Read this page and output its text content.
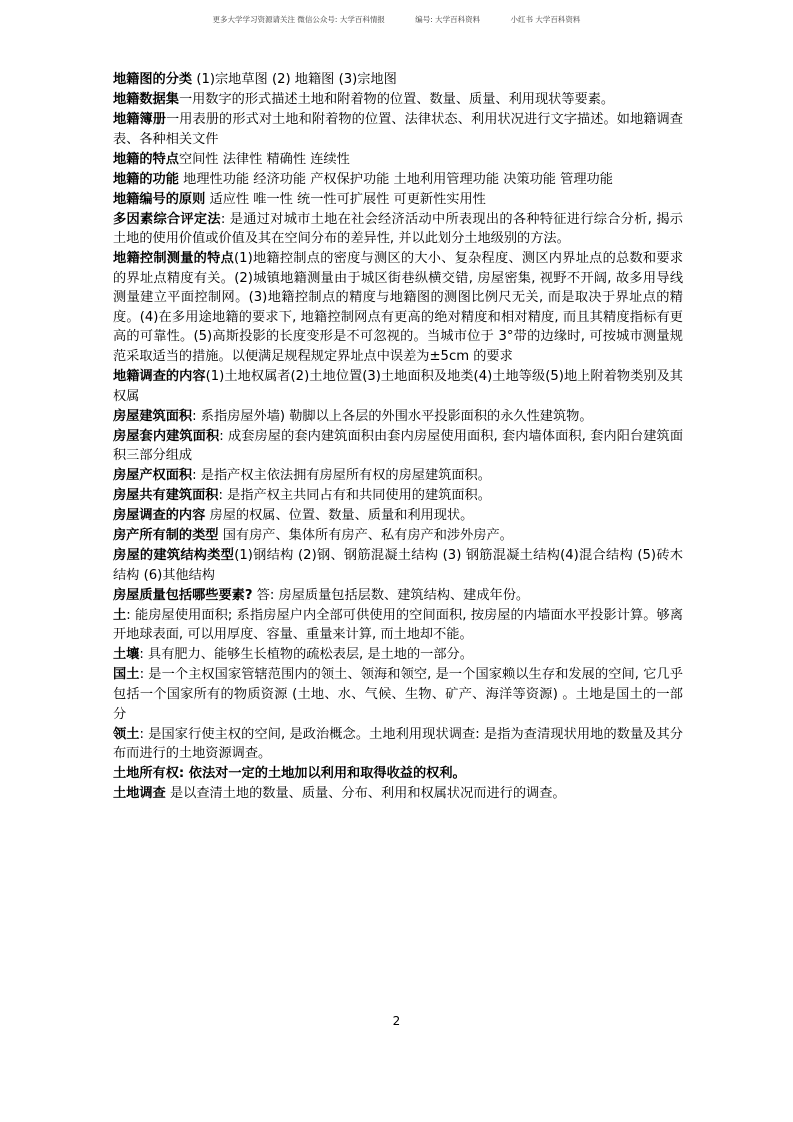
更多大学学习资源请关注 微信公众号: 大学百科情报	编号: 大学百科资料	小红书 大学百科资料
地籍图的分类 (1)宗地草图 (2) 地籍图 (3)宗地图
地籍数据集一用数字的形式描述土地和附着物的位置、数量、质量、利用现状等要素。
地籍簿册一用表册的形式对土地和附着物的位置、法律状态、利用状况进行文字描述。如地籍调查表、各种相关文件
地籍的特点空间性 法律性 精确性 连续性
地籍的功能 地理性功能 经济功能 产权保护功能 土地利用管理功能 决策功能 管理功能
地籍编号的原则 适应性 唯一性 统一性可扩展性 可更新性实用性
多因素综合评定法: 是通过对城市土地在社会经济活动中所表现出的各种特征进行综合分析, 揭示土地的使用价值或价值及其在空间分布的差异性, 并以此划分土地级别的方法。
地籍控制测量的特点(1)地籍控制点的密度与测区的大小、复杂程度、测区内界址点的总数和要求的界址点精度有关。(2)城镇地籍测量由于城区街巷纵横交错, 房屋密集, 视野不开阔, 故多用导线测量建立平面控制网。(3)地籍控制点的精度与地籍图的测图比例尺无关, 而是取决于界址点的精度。(4)在多用途地籍的要求下, 地籍控制网点有更高的绝对精度和相对精度, 而且其精度指标有更高的可靠性。(5)高斯投影的长度变形是不可忽视的。当城市位于 3°带的边缘时, 可按城市测量规范采取适当的措施。以便满足规程规定界址点中误差为±5cm 的要求
地籍调查的内容(1)土地权属者(2)土地位置(3)土地面积及地类(4)土地等级(5)地上附着物类别及其权属
房屋建筑面积: 系指房屋外墙) 勒脚以上各层的外围水平投影面积的永久性建筑物。
房屋套内建筑面积: 成套房屋的套内建筑面积由套内房屋使用面积, 套内墙体面积, 套内阳台建筑面积三部分组成
房屋产权面积: 是指产权主依法拥有房屋所有权的房屋建筑面积。
房屋共有建筑面积: 是指产权主共同占有和共同使用的建筑面积。
房屋调查的内容 房屋的权属、位置、数量、质量和利用现状。
房产所有制的类型 国有房产、集体所有房产、私有房产和涉外房产。
房屋的建筑结构类型(1)钢结构 (2)钢、钢筋混凝土结构 (3) 钢筋混凝土结构(4)混合结构 (5)砖木结构 (6)其他结构
房屋质量包括哪些要素? 答: 房屋质量包括层数、建筑结构、建成年份。
土: 能房屋使用面积; 系指房屋户内全部可供使用的空间面积, 按房屋的内墙面水平投影计算。够离开地球表面, 可以用厚度、容量、重量来计算, 而土地却不能。
土壤: 具有肥力、能够生长植物的疏松表层, 是土地的一部分。
国土: 是一个主权国家管辖范围内的领土、领海和领空, 是一个国家赖以生存和发展的空间, 它几乎包括一个国家所有的物质资源 (土地、水、气候、生物、矿产、海洋等资源) 。土地是国土的一部分
领土: 是国家行使主权的空间, 是政治概念。土地利用现状调查: 是指为查清现状用地的数量及其分布而进行的土地资源调查。
土地所有权: 依法对一定的土地加以利用和取得收益的权利。
土地调查 是以查清土地的数量、质量、分布、利用和权属状况而进行的调查。
2
